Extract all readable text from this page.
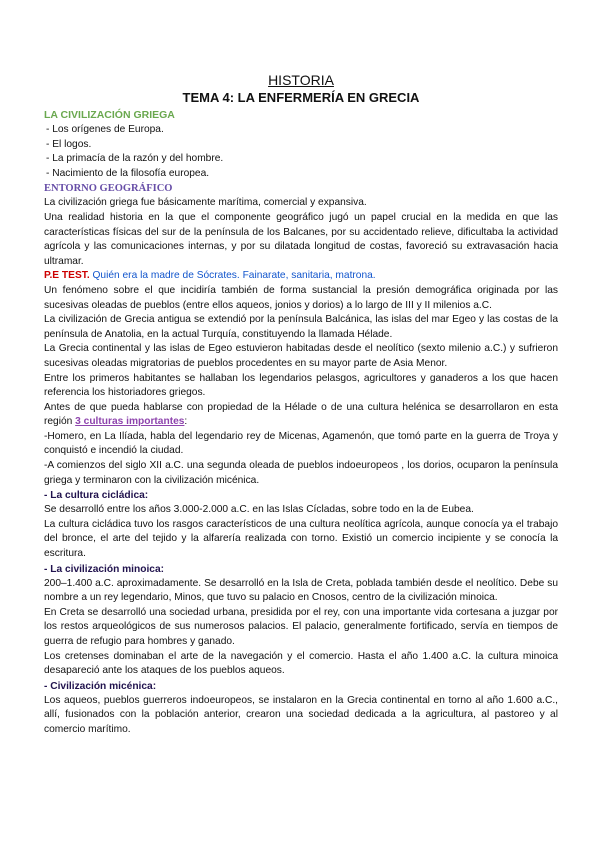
HISTORIA
TEMA 4: LA ENFERMERÍA EN GRECIA
LA CIVILIZACIÓN GRIEGA
- Los orígenes de Europa.
- El logos.
- La primacía de la razón y del hombre.
- Nacimiento de la filosofía europea.
ENTORNO GEOGRÁFICO

La civilización griega fue básicamente marítima, comercial y expansiva.

Una realidad historia en la que el componente geográfico jugó un papel crucial en la medida en que las características físicas del sur de la península de los Balcanes, por su accidentado relieve, dificultaba la actividad agrícola y las comunicaciones internas, y por su dilatada longitud de costas, favoreció su extravasación hacia ultramar.

P.E TEST. Quién era la madre de Sócrates. Fainarate, sanitaria, matrona.

Un fenómeno sobre el que incidiría también de forma sustancial la presión demográfica originada por las sucesivas oleadas de pueblos (entre ellos aqueos, jonios y dorios) a lo largo de III y II milenios a.C.

La civilización de Grecia antigua se extendió por la península Balcánica, las islas del mar Egeo y las costas de la península de Anatolia, en la actual Turquía, constituyendo la llamada Hélade.

La Grecia continental y las islas de Egeo estuvieron habitadas desde el neolítico (sexto milenio a.C.) y sufrieron sucesivas oleadas migratorias de pueblos procedentes en su mayor parte de Asia Menor.

Entre los primeros habitantes se hallaban los legendarios pelasgos, agricultores y ganaderos a los que hacen referencia los historiadores griegos.

Antes de que pueda hablarse con propiedad de la Hélade o de una cultura helénica se desarrollaron en esta región 3 culturas importantes:

-Homero, en La Ilíada, habla del legendario rey de Micenas, Agamenón, que tomó parte en la guerra de Troya y conquistó e incendió la ciudad.

-A comienzos del siglo XII a.C. una segunda oleada de pueblos indoeuropeos , los dorios, ocuparon la península griega y terminaron con la civilización micénica.

- La cultura cicládica:

Se desarrolló entre los años 3.000-2.000 a.C. en las Islas Cícladas, sobre todo en la de Eubea.

La cultura cicládica tuvo los rasgos característicos de una cultura neolítica agrícola, aunque conocía ya el trabajo del bronce, el arte del tejido y la alfarería realizada con torno. Existió un comercio incipiente y se conocía la escritura.

- La civilización minoica:

200–1.400 a.C. aproximadamente. Se desarrolló en la Isla de Creta, poblada también desde el neolítico. Debe su nombre a un rey legendario, Minos, que tuvo su palacio en Cnosos, centro de la civilización minoica.

En Creta se desarrolló una sociedad urbana, presidida por el rey, con una importante vida cortesana a juzgar por los restos arqueológicos de sus numerosos palacios. El palacio, generalmente fortificado, servía en tiempos de guerra de refugio para hombres y ganado.

Los cretenses dominaban el arte de la navegación y el comercio. Hasta el año 1.400 a.C. la cultura minoica desapareció ante los ataques de los pueblos aqueos.

- Civilización micénica:

Los aqueos, pueblos guerreros indoeuropeos, se instalaron en la Grecia continental en torno al año 1.600 a.C., allí, fusionados con la población anterior, crearon una sociedad dedicada a la agricultura, al pastoreo y al comercio marítimo.
